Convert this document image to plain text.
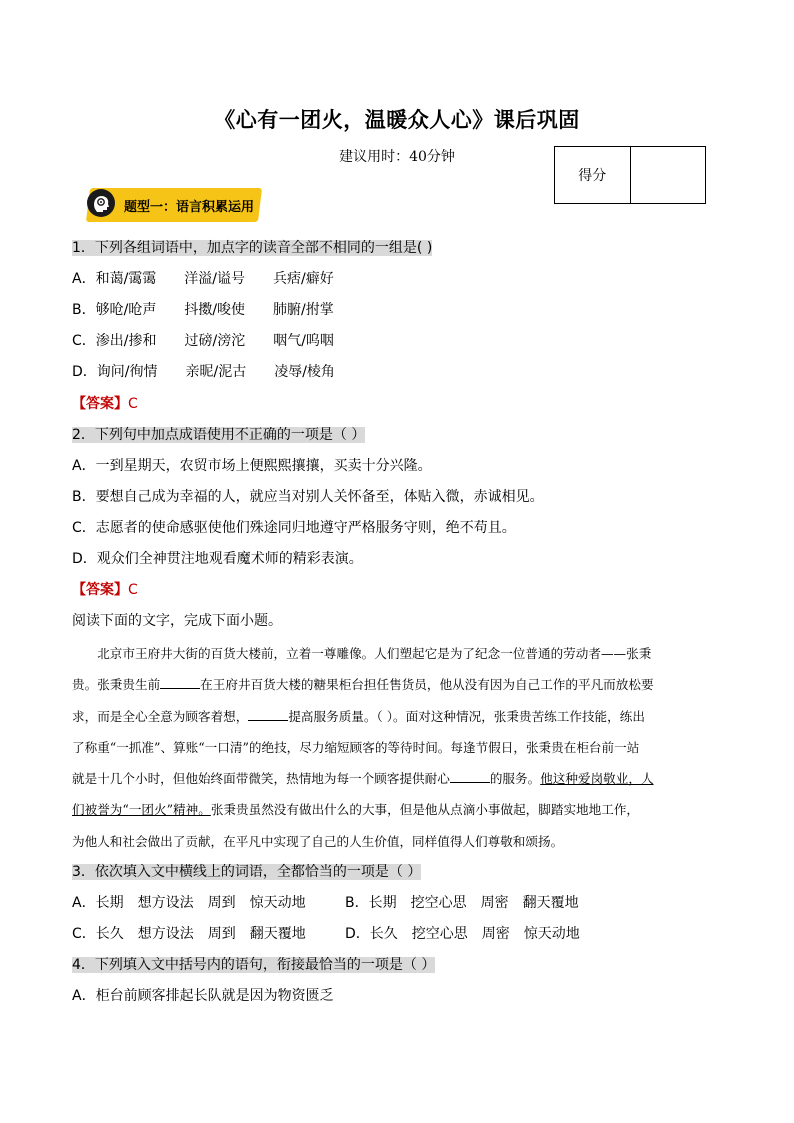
《心有一团火，温暖众人心》课后巩固
建议用时：40分钟
得分	
题型一：语言积累运用
1．下列各组词语中，加点字的读音全部不相同的一组是( )
A．和蔼/霭霭　　洋溢/谥号　　兵痞/癖好
B．够呛/呛声　　抖擞/唆使　　肺腑/拊掌
C．渗出/掺和　　过磅/滂沱　　咽气/呜咽
D．询问/徇情　　亲昵/泥古　　凌辱/棱角
【答案】C
2．下列句中加点成语使用不正确的一项是（ ）
A．一到星期天，农贸市场上便熙熙攘攘，买卖十分兴隆。
B．要想自己成为幸福的人，就应当对别人关怀备至，体贴入微，赤诚相见。
C．志愿者的使命感驱使他们殊途同归地遵守严格服务守则，绝不苟且。
D．观众们全神贯注地观看魔术师的精彩表演。
【答案】C
阅读下面的文字，完成下面小题。
北京市王府井大街的百货大楼前，立着一尊雕像。人们塑起它是为了纪念一位普通的劳动者——张秉
贵。张秉贵生前	在王府井百货大楼的糖果柜台担任售货员，他从没有因为自己工作的平凡而放松要
求，而是全心全意为顾客着想，	提高服务质量。（ ）。面对这种情况，张秉贵苦练工作技能，练出
了称重“一抓准”、算账“一口清”的绝技，尽力缩短顾客的等待时间。每逢节假日，张秉贵在柜台前一站
就是十几个小时，但他始终面带微笑，热情地为每一个顾客提供耐心	的服务。他这种爱岗敬业，人
们被誉为“一团火”精神。张秉贵虽然没有做出什么的大事，但是他从点滴小事做起，脚踏实地地工作，
为他人和社会做出了贡献，在平凡中实现了自己的人生价值，同样值得人们尊敬和颂扬。
3．依次填入文中横线上的词语，全都恰当的一项是（ ）
A．长期　想方设法　周到　惊天动地	B．长期　挖空心思　周密　翻天覆地
C．长久　想方设法　周到　翻天覆地	D．长久　挖空心思　周密　惊天动地
4．下列填入文中括号内的语句，衔接最恰当的一项是（ ）
A．柜台前顾客排起长队就是因为物资匮乏
